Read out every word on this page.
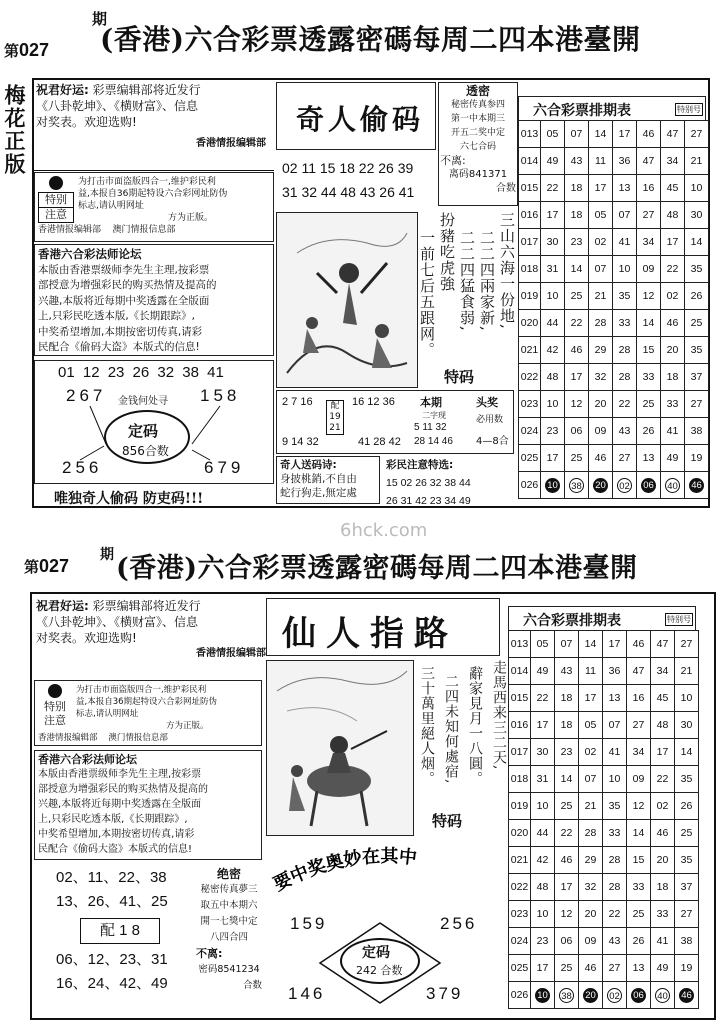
第027
期
(香港)六合彩票透露密碼每周二四本港臺開
梅花正版 祝君好运: 彩票编辑部将近发行
《八卦乾坤》、《横财富》、信息
对奖表。欢迎选购!
香港情报编辑部
特别
注意
为打击市面盗版四合一,维护彩民利
益,本报自36期起特设六合彩网址防伪
标志,请认明网址
方为正版。
香港情报编辑部 澳门情报信息部
香港六合彩法师论坛
本版由香港票级师李先生主理,按彩票
部授意为增强彩民的购买热情及提高的
兴趣,本版将近每期中奖透露在全版面
上,只彩民吃透本版,《长期跟踪》,
中奖希望增加,本期按密切传真,请彩
民配合《偷码大盗》本版式的信息!
01 12 23 26 32 38 41
267	158
金钱何处寻
定码
856合数
256	679
唯独奇人偷码 防吏码!!!
奇人偷码
02 11 15 18 22 26 39
31 32 44 48 43 26 41
透密
秘密传真参四
第一中本期三
开五二奖中定
六七合码
不离:
离码841371
合数
三山六海一份地,
二二四兩家新,
二二四猛食弱,
扮豬吃虎強
一前七后五跟网。
特码
2 7 16
9 14 32
配
19
21
16 12 36
41 28 42
本期
二字现
5 11 32
28 14 46
头奖
必用数
4—8合
奇人送码诗:
身披桃銷,不自由
蛇行狗走,無定處
彩民注意特选:
15 02 26 32 38 44
26 31 42 23 34 49
六合彩票排期表	特别号
013	05	07	14	17	46	47	27
014	49	43	11	36	47	34	21
015	22	18	17	13	16	45	10
016	17	18	05	07	27	48	30
017	30	23	02	41	34	17	14
018	31	14	07	10	09	22	35
019	10	25	21	35	12	02	26
020	44	22	28	33	14	46	25
021	42	46	29	28	15	20	35
022	48	17	32	28	33	18	37
023	10	12	20	22	25	33	27
024	23	06	09	43	26	41	38
025	17	25	46	27	13	49	19
026	10	38	20	02	06	40	46
6hck.com
第027
期 (香港)六合彩票透露密碼每周二四本港臺開
祝君好运: 彩票编辑部将近发行
《八卦乾坤》、《横财富》、信息
对奖表。欢迎选购!
香港情报编辑部
特别
注意
为打击市面盗版四合一,维护彩民利
益,本报自36期起特设六合彩网址防伪
标志,请认明网址
方为正版。
香港情报编辑部 澳门情报信息部
香港六合彩法师论坛
本版由香港票级师李先生主理,按彩票
部授意为增强彩民的购买热情及提高的
兴趣,本版将近每期中奖透露在全版面
上,只彩民吃透本版,《长期跟踪》,
中奖希望增加,本期按密切传真,请彩
民配合《偷码大盗》本版式的信息!
02、11、22、38
13、26、41、25
配 1 8
06、12、23、31
16、24、42、49
绝密
秘密传真夢三
取五中本期六
開一七獎中定
八四合四
不离:
密码8541234
合数
仙人指路
走馬西来三二天,
辭家見月一八圓。
二四未知何處宿,
三十萬里絕人烟。
特码
要中奖奥妙在其中
159	256
定码
242 合数
146	379
六合彩票排期表	特别号
013	05	07	14	17	46	47	27
014	49	43	11	36	47	34	21
015	22	18	17	13	16	45	10
016	17	18	05	07	27	48	30
017	30	23	02	41	34	17	14
018	31	14	07	10	09	22	35
019	10	25	21	35	12	02	26
020	44	22	28	33	14	46	25
021	42	46	29	28	15	20	35
022	48	17	32	28	33	18	37
023	10	12	20	22	25	33	27
024	23	06	09	43	26	41	38
025	17	25	46	27	13	49	19
026	10	38	20	02	06	40	46
